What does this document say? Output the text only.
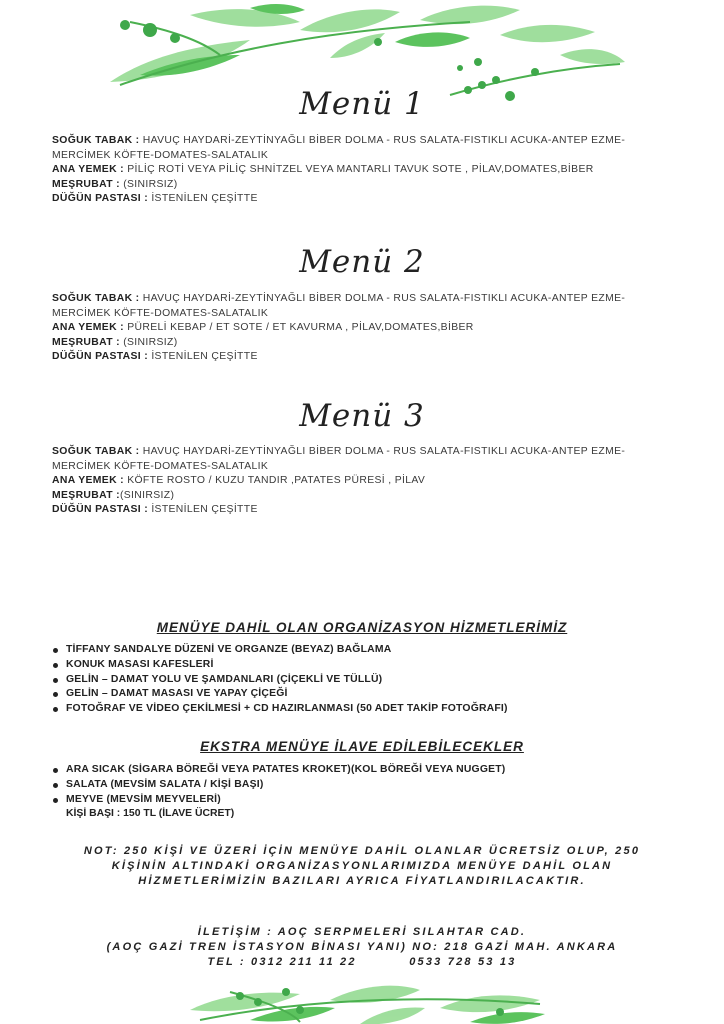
Menü 1
SOĞUK TABAK : HAVUÇ HAYDARİ-ZEYTİNYAĞLI BİBER DOLMA - RUS SALATA-FISTIKLI ACUKA-ANTEP EZME-
MERCİMEK KÖFTE-DOMATES-SALATALIK
ANA YEMEK : PİLİÇ ROTİ VEYA PİLİÇ SHNİTZEL VEYA MANTARLI TAVUK SOTE , PİLAV,DOMATES,BİBER
MEŞRUBAT : (SINIRSIZ)
DÜĞÜN PASTASI : İSTENİLEN ÇEŞİTTE
Menü 2
SOĞUK TABAK : HAVUÇ HAYDARİ-ZEYTİNYAĞLI BİBER DOLMA - RUS SALATA-FISTIKLI ACUKA-ANTEP EZME-
MERCİMEK KÖFTE-DOMATES-SALATALIK
ANA YEMEK : PÜRELİ KEBAP / ET SOTE / ET KAVURMA , PİLAV,DOMATES,BİBER
MEŞRUBAT : (SINIRSIZ)
DÜĞÜN PASTASI : İSTENİLEN ÇEŞİTTE
Menü 3
SOĞUK TABAK : HAVUÇ HAYDARİ-ZEYTİNYAĞLI BİBER DOLMA - RUS SALATA-FISTIKLI ACUKA-ANTEP EZME-
MERCİMEK KÖFTE-DOMATES-SALATALIK
ANA YEMEK : KÖFTE ROSTO / KUZU TANDIR ,PATATES PÜRESİ , PİLAV
MEŞRUBAT :(SINIRSIZ)
DÜĞÜN PASTASI : İSTENİLEN ÇEŞİTTE
MENÜYE DAHİL OLAN ORGANİZASYON HİZMETLERİMİZ
TİFFANY SANDALYE DÜZENİ VE ORGANZE (BEYAZ) BAĞLAMA
KONUK MASASI KAFESLERİ
GELİN – DAMAT YOLU VE ŞAMDANLARI (ÇİÇEKLİ VE TÜLLÜ)
GELİN – DAMAT MASASI VE YAPAY ÇİÇEĞİ
FOTOĞRAF VE VİDEO ÇEKİLMESİ + CD HAZIRLANMASI (50 ADET TAKİP FOTOĞRAFI)
EKSTRA MENÜYE İLAVE EDİLEBİLECEKLER
ARA SICAK (SİGARA BÖREĞİ VEYA PATATES KROKET)(KOL BÖREĞİ VEYA NUGGET)
SALATA (MEVSİM SALATA / KİŞİ BAŞI)
MEYVE (MEVSİM MEYVELERİ)
KİŞİ BAŞI : 150 TL (İLAVE ÜCRET)
NOT: 250 KİŞİ VE ÜZERİ İÇİN MENÜYE DAHİL OLANLAR ÜCRETSİZ OLUP, 250
KİŞİNİN ALTINDAKİ ORGANİZASYONLARIMIZDA MENÜYE DAHİL OLAN
HİZMETLERİMİZİN BAZILARI AYRICA FİYATLANDIRILACAKTIR.
İLETİŞİM : AOÇ SERPMELERİ SILAHTAR CAD.
(AOÇ GAZİ TREN İSTASYON BİNASI YANI) NO: 218 GAZİ MAH. ANKARA
TEL : 0312 211 11 22          0533 728 53 13
